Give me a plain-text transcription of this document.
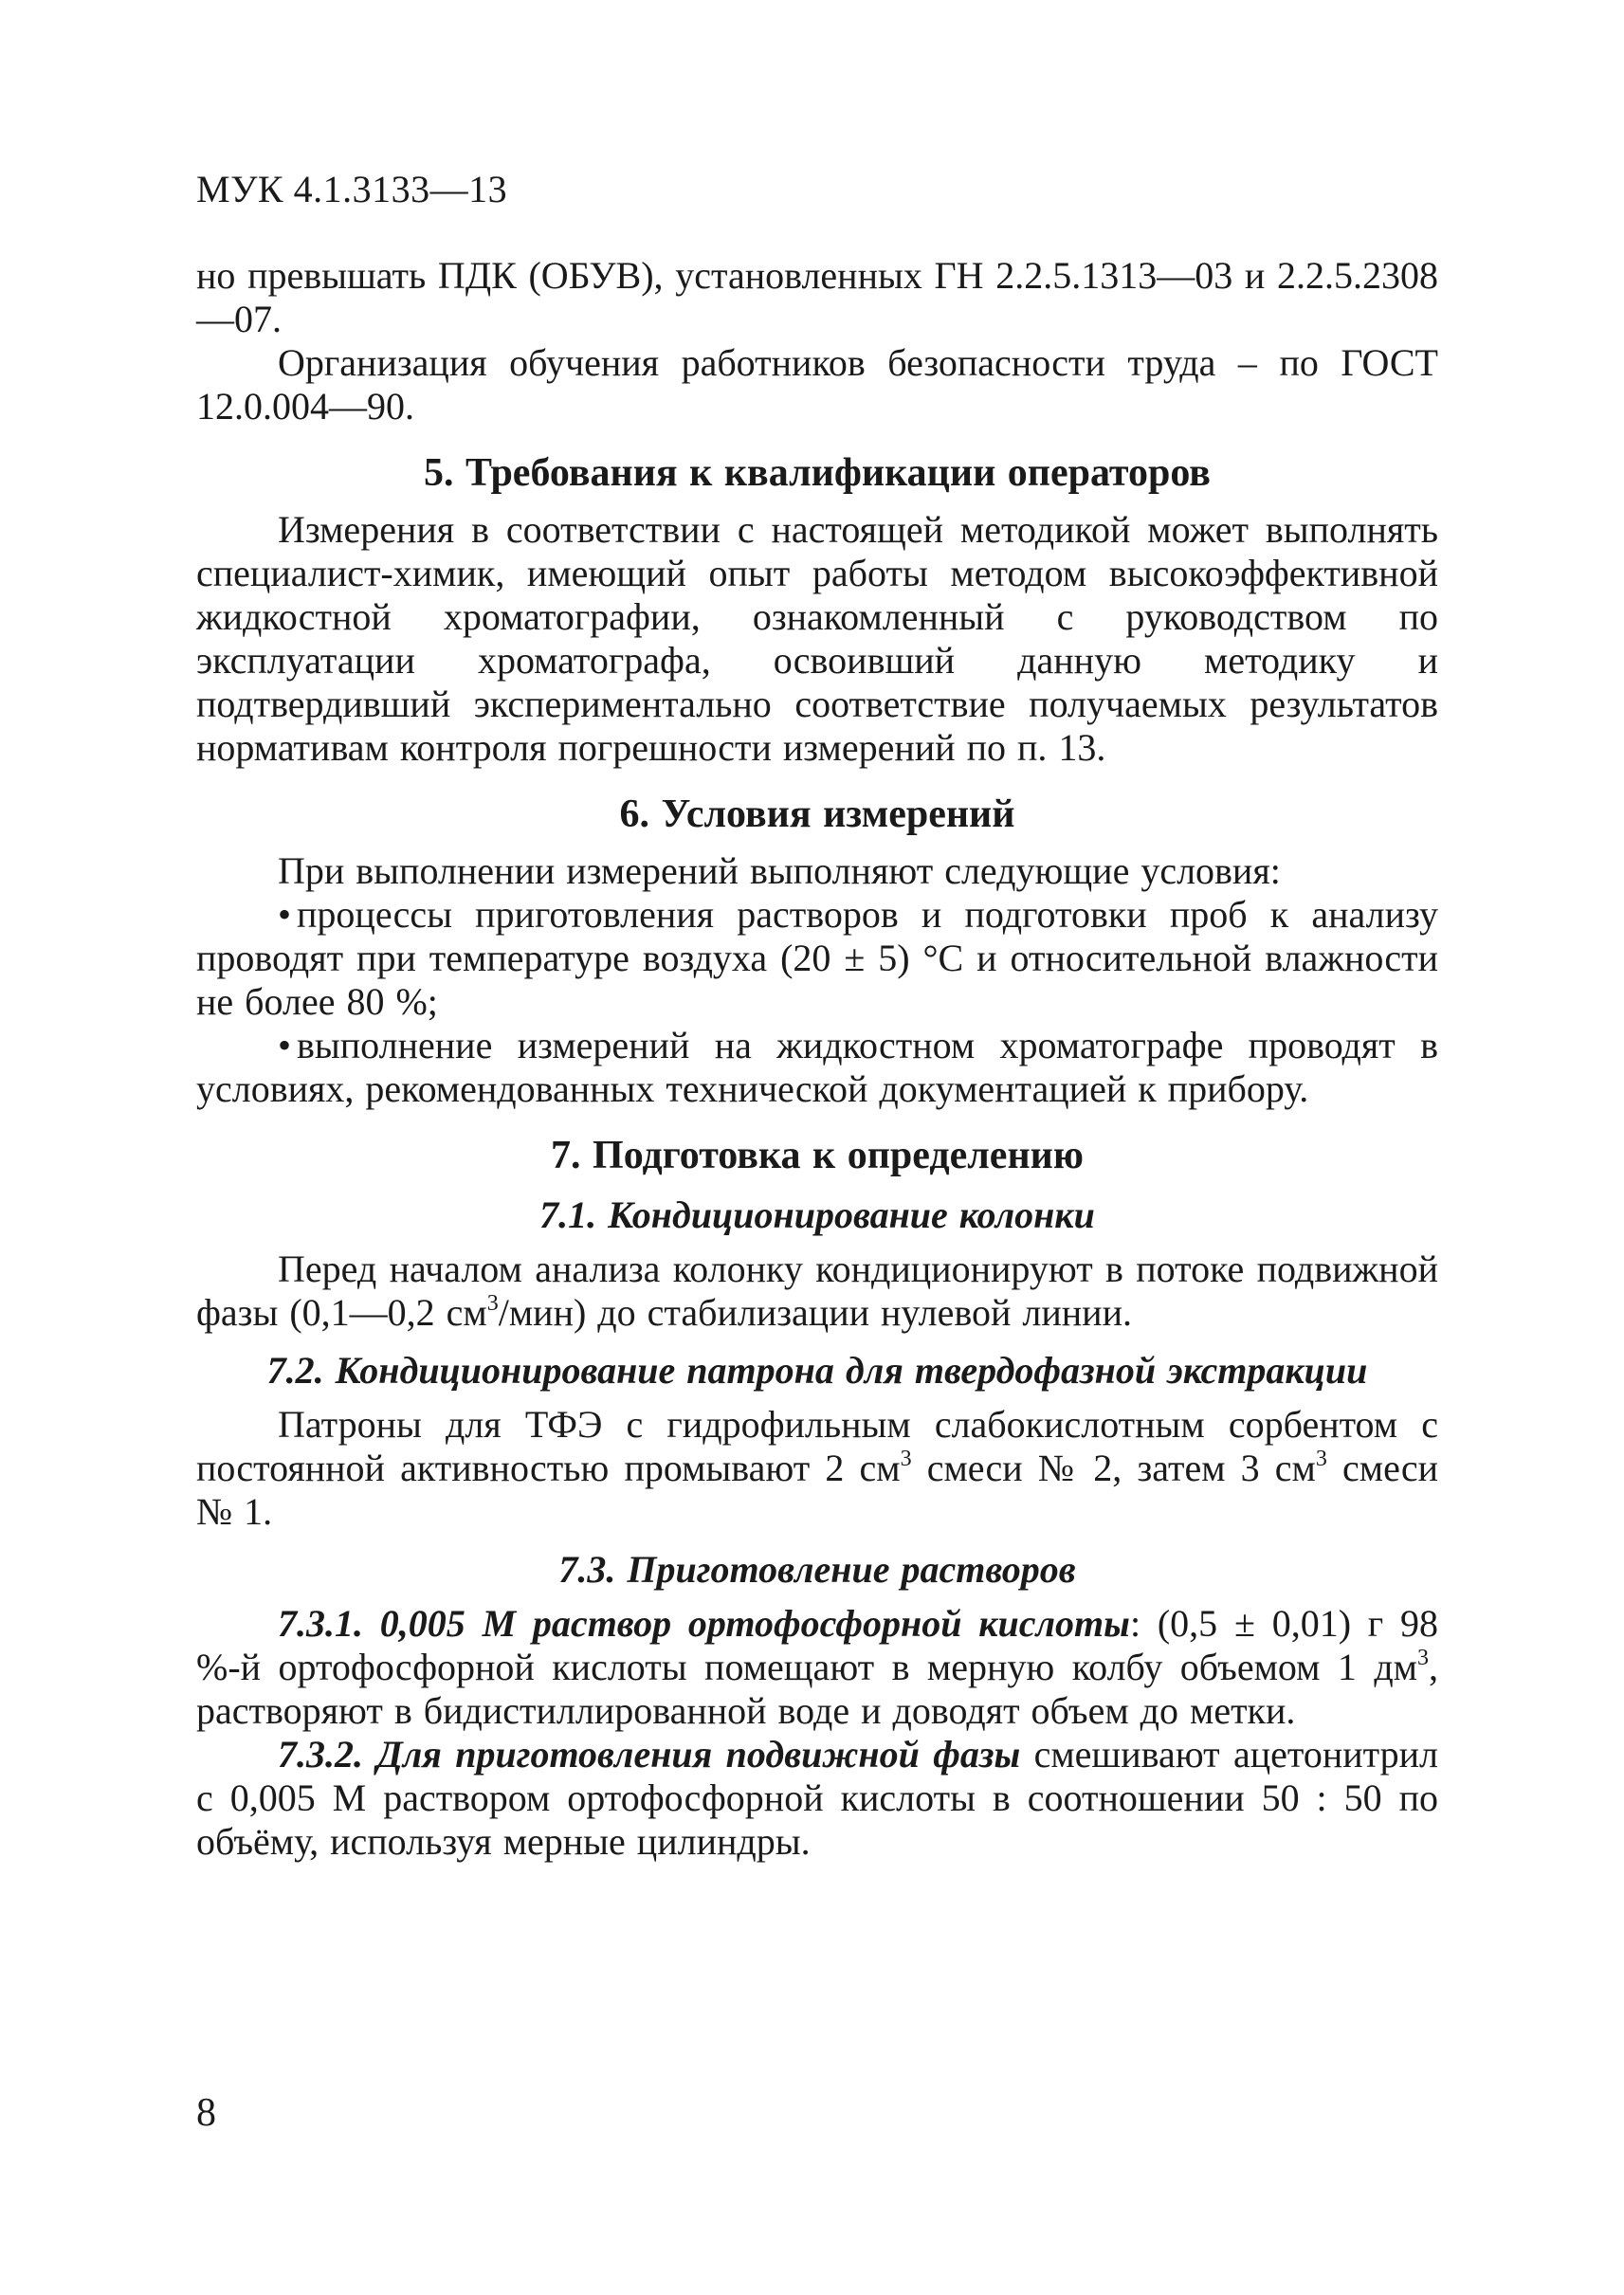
МУК 4.1.3133—13

но превышать ПДК (ОБУВ), установленных ГН 2.2.5.1313—03 и 2.2.5.2308—07.

Организация обучения работников безопасности труда – по ГОСТ 12.0.004—90.

5. Требования к квалификации операторов

Измерения в соответствии с настоящей методикой может выполнять специалист-химик, имеющий опыт работы методом высокоэффективной жидкостной хроматографии, ознакомленный с руководством по эксплуатации хроматографа, освоивший данную методику и подтвердивший экспериментально соответствие получаемых результатов нормативам контроля погрешности измерений по п. 13.

6. Условия измерений

При выполнении измерений выполняют следующие условия:

• процессы приготовления растворов и подготовки проб к анализу проводят при температуре воздуха (20 ± 5) °С и относительной влажности не более 80 %;

• выполнение измерений на жидкостном хроматографе проводят в условиях, рекомендованных технической документацией к прибору.

7. Подготовка к определению
7.1. Кондиционирование колонки

Перед началом анализа колонку кондиционируют в потоке подвижной фазы (0,1—0,2 $см^3/мин$) до стабилизации нулевой линии.

7.2. Кондиционирование патрона для твердофазной экстракции

Патроны для ТФЭ с гидрофильным слабокислотным сорбентом с постоянной активностью промывают 2 $см^3$ смеси № 2, затем 3 $см^3$ смеси № 1.

7.3. Приготовление растворов

7.3.1. 0,005 М раствор ортофосфорной кислоты: (0,5 ± 0,01) г 98 %-й ортофосфорной кислоты помещают в мерную колбу объемом 1 $дм^3$, растворяют в бидистиллированной воде и доводят объем до метки.

7.3.2. Для приготовления подвижной фазы смешивают ацетонитрил с 0,005 М раствором ортофосфорной кислоты в соотношении 50 : 50 по объёму, используя мерные цилиндры.

8
